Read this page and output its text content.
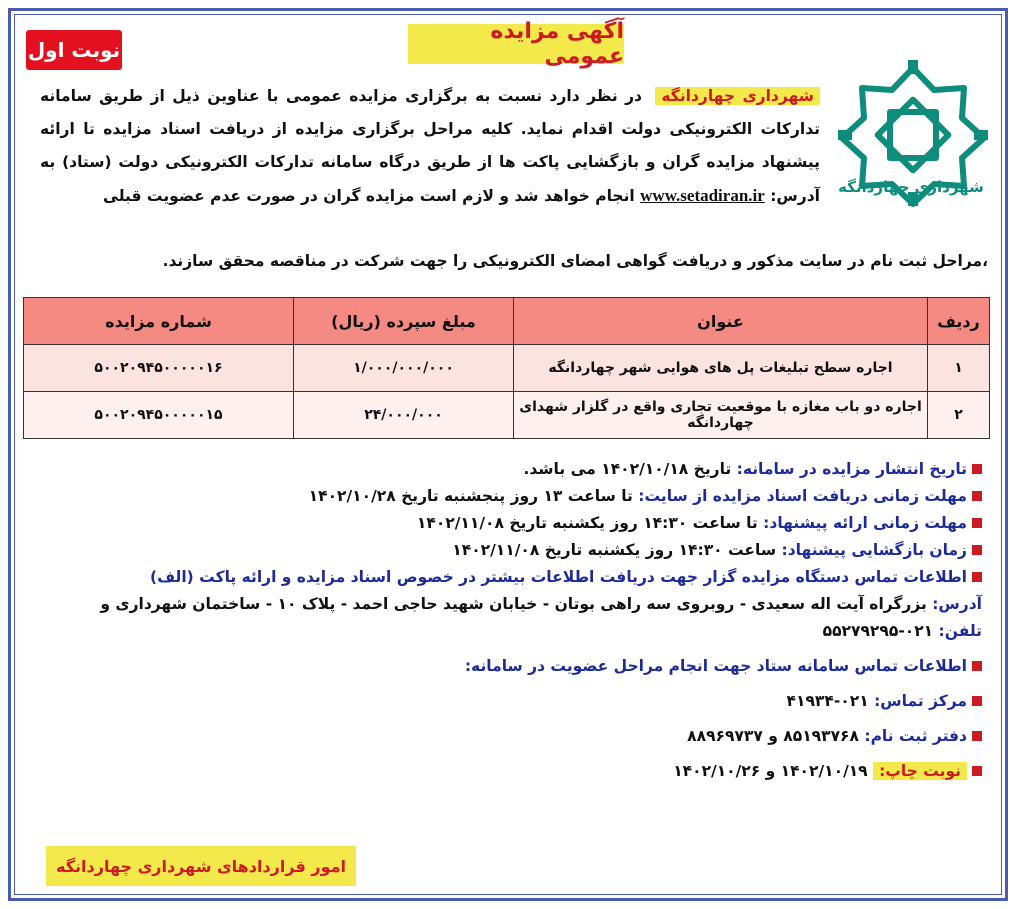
نوبت اول
آگهی مزایده عمومی
شهرداری چهاردانگه
شهرداری چهاردانگه در نظر دارد نسبت به برگزاری مزایده عمومی با عناوین ذیل از طریق سامانه تدارکات الکترونیکی دولت اقدام نماید. کلیه مراحل برگزاری مزایده از دریافت اسناد مزایده تا ارائه پیشنهاد مزایده گران و بازگشایی پاکت ها از طریق درگاه سامانه تدارکات الکترونیکی دولت (ستاد) به آدرس: www.setadiran.ir انجام خواهد شد و لازم است مزایده گران در صورت عدم عضویت قبلی
،مراحل ثبت نام در سایت مذکور و دریافت گواهی امضای الکترونیکی را جهت شرکت در مناقصه محقق سازند.
ردیف	عنوان	مبلغ سپرده (ریال)	شماره مزایده
۱	اجاره سطح تبلیغات پل های هوایی شهر چهاردانگه	۱/۰۰۰/۰۰۰/۰۰۰	۵۰۰۲۰۹۴۵۰۰۰۰۰۱۶
۲	اجاره دو باب مغازه با موقعیت تجاری واقع در گلزار شهدای چهاردانگه	۲۴/۰۰۰/۰۰۰	۵۰۰۲۰۹۴۵۰۰۰۰۰۱۵
تاریخ انتشار مزایده در سامانه: تاریخ ۱۴۰۲/۱۰/۱۸ می باشد.
مهلت زمانی دریافت اسناد مزایده از سایت: تا ساعت ۱۳ روز پنجشنبه تاریخ ۱۴۰۲/۱۰/۲۸
مهلت زمانی ارائه پیشنهاد: تا ساعت ۱۴:۳۰ روز یکشنبه تاریخ ۱۴۰۲/۱۱/۰۸
زمان بازگشایی پیشنهاد: ساعت ۱۴:۳۰ روز یکشنبه تاریخ ۱۴۰۲/۱۱/۰۸
اطلاعات تماس دستگاه مزایده گزار جهت دریافت اطلاعات بیشتر در خصوص اسناد مزایده و ارائه پاکت (الف)
آدرس: بزرگراه آیت اله سعیدی - روبروی سه راهی بوتان - خیابان شهید حاجی احمد - پلاک ۱۰ - ساختمان شهرداری و
تلفن: ۰۲۱-۵۵۲۷۹۲۹۵
اطلاعات تماس سامانه ستاد جهت انجام مراحل عضویت در سامانه:
مرکز تماس: ۰۲۱-۴۱۹۳۴
دفتر ثبت نام: ۸۵۱۹۳۷۶۸ و ۸۸۹۶۹۷۳۷
نوبت چاپ: ۱۴۰۲/۱۰/۱۹ و ۱۴۰۲/۱۰/۲۶
امور قراردادهای شهرداری چهاردانگه
